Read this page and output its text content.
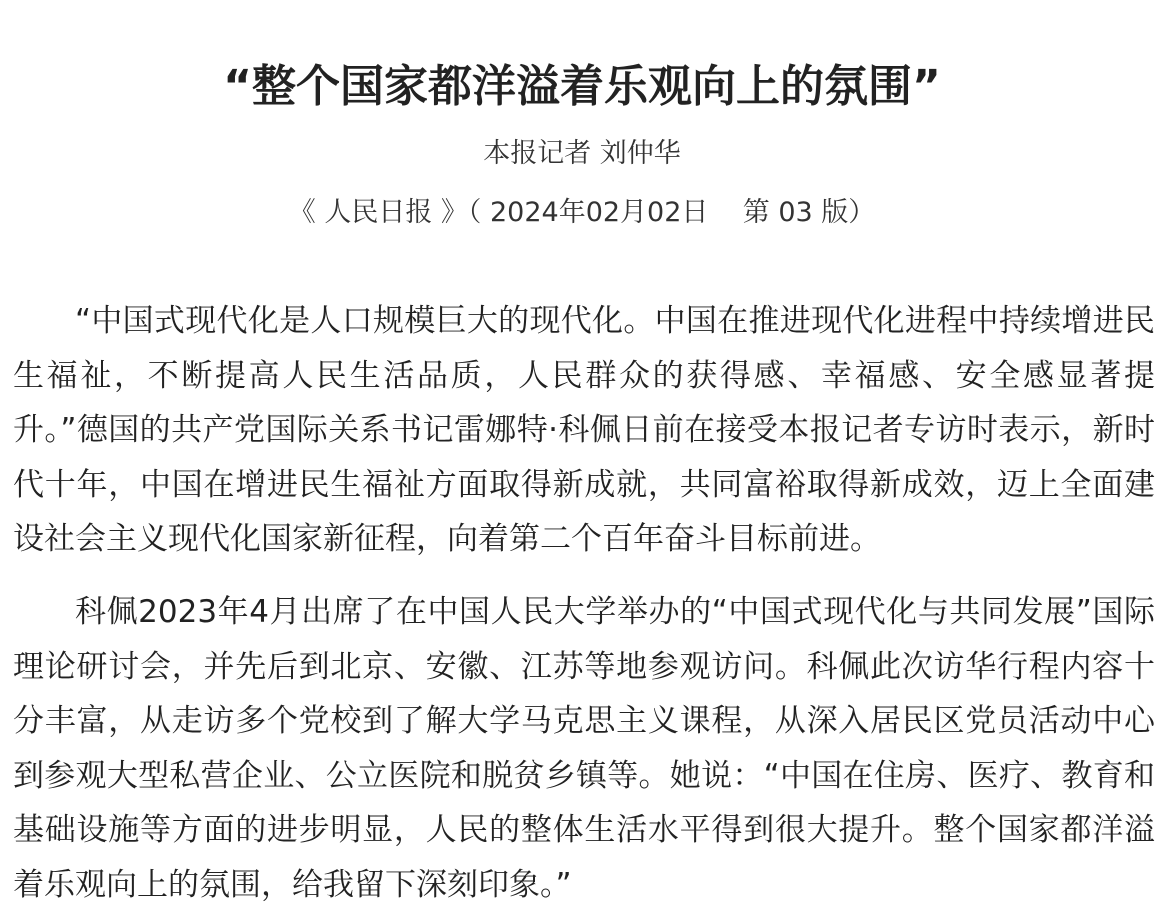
“整个国家都洋溢着乐观向上的氛围”
本报记者 刘仲华
《 人民日报 》（ 2024年02月02日    第 03 版）

“中国式现代化是人口规模巨大的现代化。中国在推进现代化进程中持续增进民生福祉，不断提高人民生活品质，人民群众的获得感、幸福感、安全感显著提升。”德国的共产党国际关系书记雷娜特·科佩日前在接受本报记者专访时表示，新时代十年，中国在增进民生福祉方面取得新成就，共同富裕取得新成效，迈上全面建设社会主义现代化国家新征程，向着第二个百年奋斗目标前进。

科佩2023年4月出席了在中国人民大学举办的“中国式现代化与共同发展”国际理论研讨会，并先后到北京、安徽、江苏等地参观访问。科佩此次访华行程内容十分丰富，从走访多个党校到了解大学马克思主义课程，从深入居民区党员活动中心到参观大型私营企业、公立医院和脱贫乡镇等。她说：“中国在住房、医疗、教育和基础设施等方面的进步明显，人民的整体生活水平得到很大提升。整个国家都洋溢着乐观向上的氛围，给我留下深刻印象。”
